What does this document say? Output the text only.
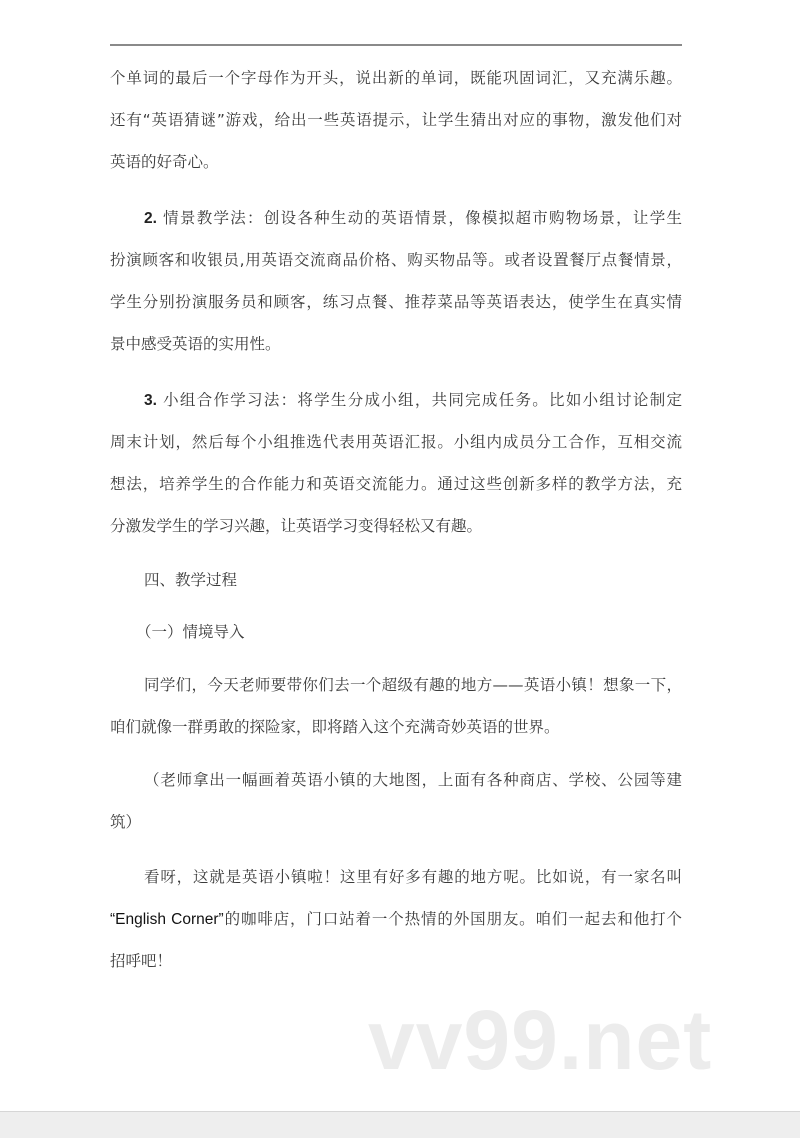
个单词的最后一个字母作为开头，说出新的单词，既能巩固词汇，又充满乐趣。
还有“英语猜谜”游戏，给出一些英语提示，让学生猜出对应的事物，激发他们对
英语的好奇心。
2. 情景教学法：创设各种生动的英语情景，像模拟超市购物场景，让学生
扮演顾客和收银员,用英语交流商品价格、购买物品等。或者设置餐厅点餐情景，
学生分别扮演服务员和顾客，练习点餐、推荐菜品等英语表达，使学生在真实情
景中感受英语的实用性。
3. 小组合作学习法：将学生分成小组，共同完成任务。比如小组讨论制定
周末计划，然后每个小组推选代表用英语汇报。小组内成员分工合作，互相交流
想法，培养学生的合作能力和英语交流能力。通过这些创新多样的教学方法，充
分激发学生的学习兴趣，让英语学习变得轻松又有趣。
四、教学过程
（一）情境导入
同学们，今天老师要带你们去一个超级有趣的地方——英语小镇！想象一下，
咱们就像一群勇敢的探险家，即将踏入这个充满奇妙英语的世界。
（老师拿出一幅画着英语小镇的大地图，上面有各种商店、学校、公园等建
筑）
看呀，这就是英语小镇啦！这里有好多有趣的地方呢。比如说，有一家名叫
“English Corner”的咖啡店，门口站着一个热情的外国朋友。咱们一起去和他打个
招呼吧！
vv99.net
